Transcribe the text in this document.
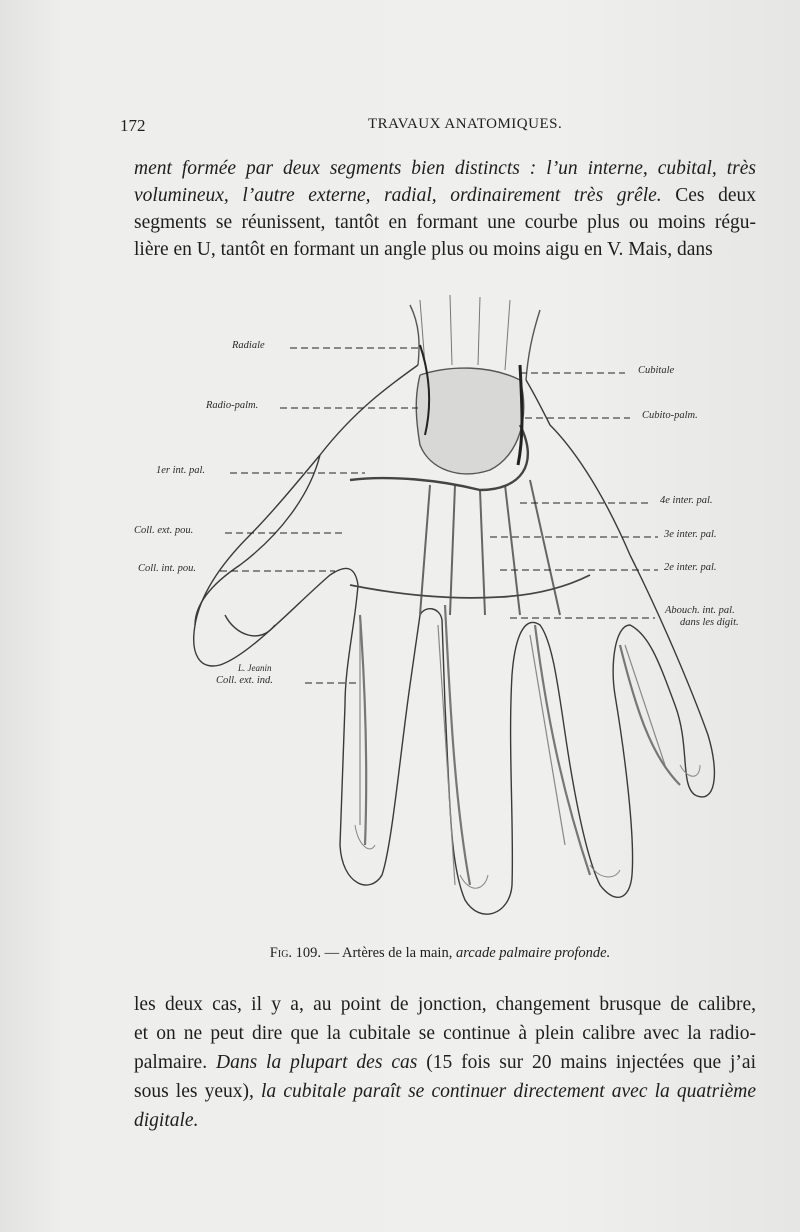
172	TRAVAUX ANATOMIQUES.
ment formée par deux segments bien distincts : l’un interne, cubital, très
volumineux, l’autre externe, radial, ordinairement très grêle. Ces deux
segments se réunissent, tantôt en formant une courbe plus ou moins régu-
lière en U, tantôt en formant un angle plus ou moins aigu en V. Mais, dans
Radiale
Radio-palm.
1er int. pal.
Coll. ext. pou.
Coll. int. pou.
Coll. ext. ind.
Cubitale
Cubito-palm.
4e inter. pal.
3e inter. pal.
2e inter. pal.
Abouch. int. pal.
dans les digit.
L. Jeanin
Fig. 109. — Artères de la main, arcade palmaire profonde.
les deux cas, il y a, au point de jonction, changement brusque de calibre,
et on ne peut dire que la cubitale se continue à plein calibre avec la radio-
palmaire. Dans la plupart des cas (15 fois sur 20 mains injectées que j’ai
sous les yeux), la cubitale paraît se continuer directement avec la quatrième
digitale.
